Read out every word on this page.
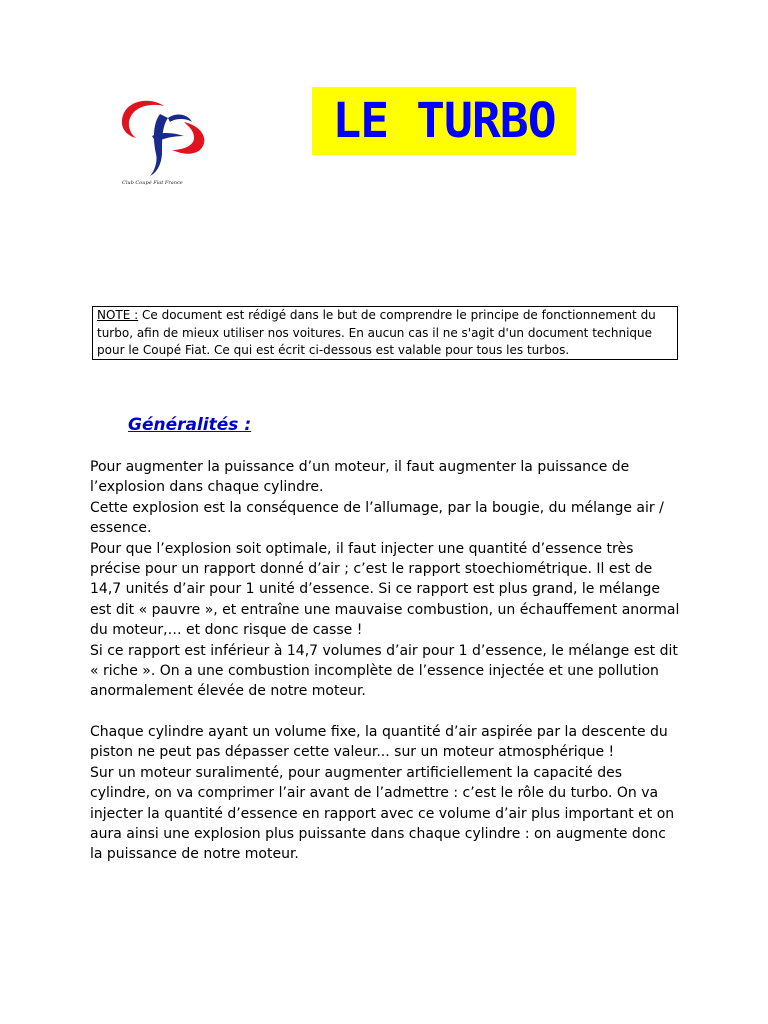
Club Coupé Fiat France
LE TURBO
NOTE : Ce document est rédigé dans le but de comprendre le principe de fonctionnement du turbo, afin de mieux utiliser nos voitures. En aucun cas il ne s'agit d'un document technique pour le Coupé Fiat. Ce qui est écrit ci-dessous est valable pour tous les turbos.
Généralités :

Pour augmenter la puissance d’un moteur, il faut augmenter la puissance de l’explosion dans chaque cylindre.

Cette explosion est la conséquence de l’allumage, par la bougie, du mélange air / essence.

Pour que l’explosion soit optimale, il faut injecter une quantité d’essence très précise pour un rapport donné d’air ; c’est le rapport stoechiométrique. Il est de 14,7 unités d’air pour 1 unité d’essence. Si ce rapport est plus grand, le mélange est dit « pauvre », et entraîne une mauvaise combustion, un échauffement anormal du moteur,… et donc risque de casse !

Si ce rapport est inférieur à 14,7 volumes d’air pour 1 d’essence, le mélange est dit « riche ». On a une combustion incomplète de l’essence injectée et une pollution anormalement élevée de notre moteur.

Chaque cylindre ayant un volume fixe, la quantité d’air aspirée par la descente du piston ne peut pas dépasser cette valeur... sur un moteur atmosphérique !

Sur un moteur suralimenté, pour augmenter artificiellement la capacité des cylindre, on va comprimer l’air avant de l’admettre : c’est le rôle du turbo. On va injecter la quantité d’essence en rapport avec ce volume d’air plus important et on aura ainsi une explosion plus puissante dans chaque cylindre : on augmente donc la puissance de notre moteur.
